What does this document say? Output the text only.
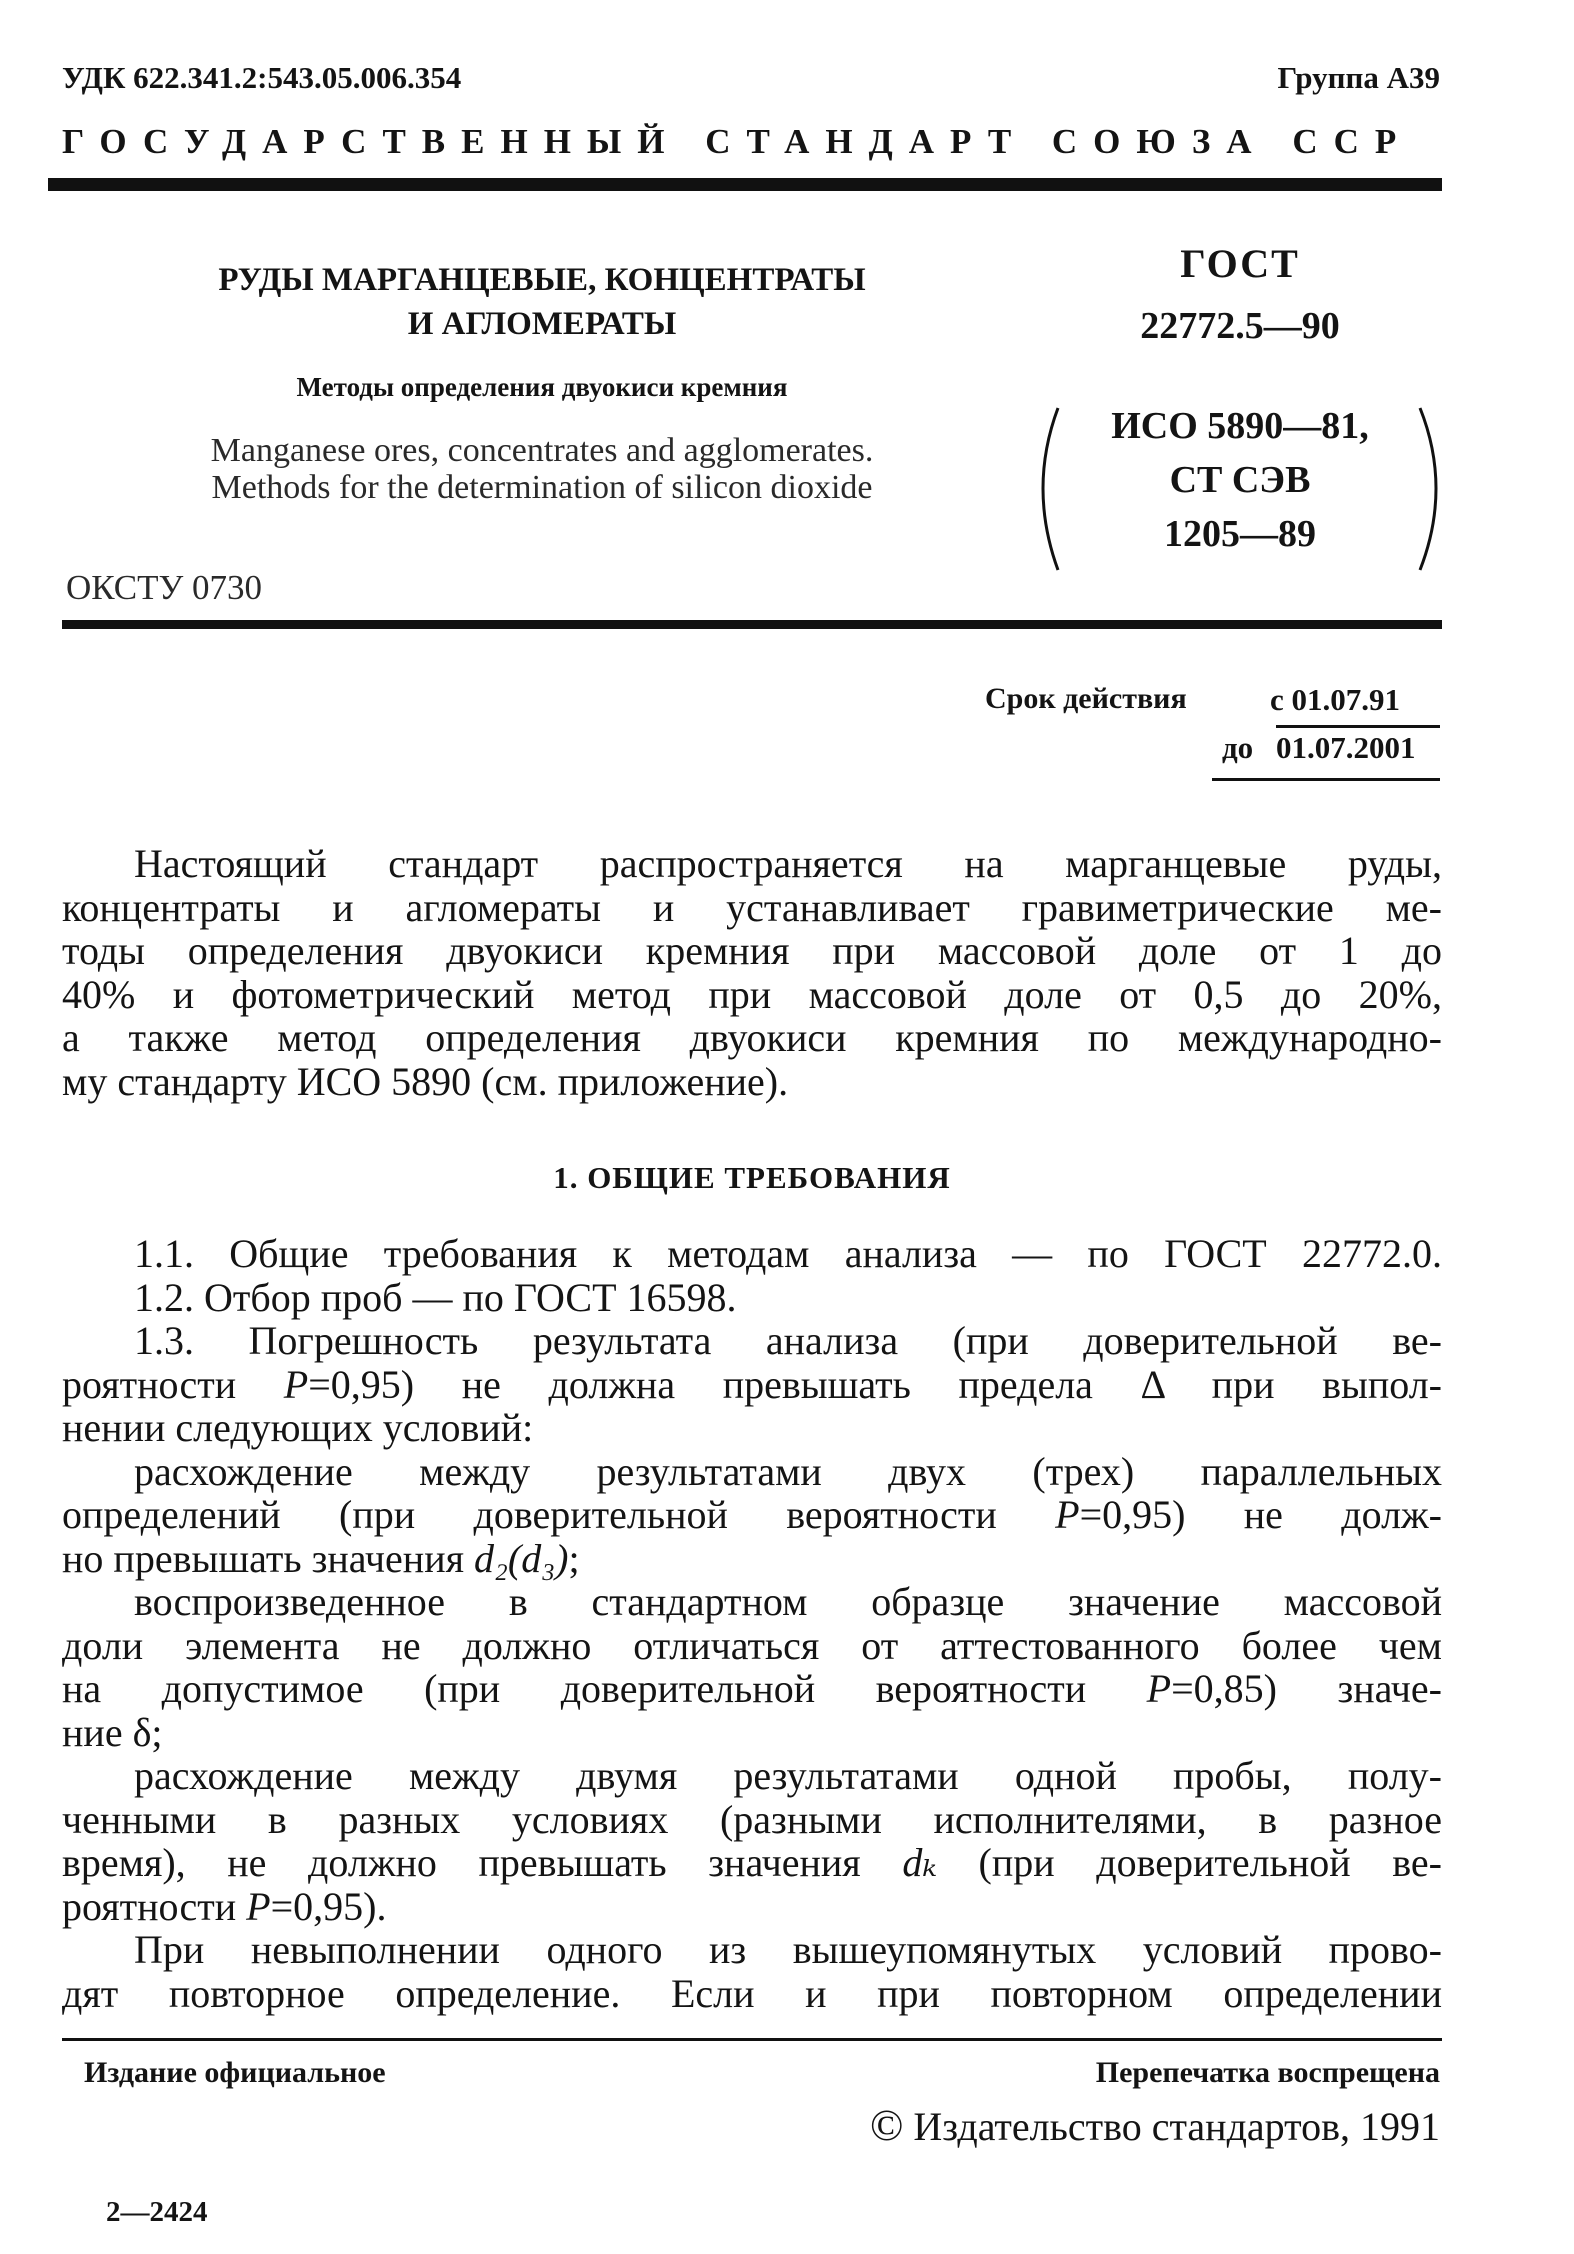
УДК 622.341.2:543.05.006.354	Группа А39
ГОСУДАРСТВЕННЫЙ СТАНДАРТ СОЮЗА ССР
РУДЫ МАРГАНЦЕВЫЕ, КОНЦЕНТРАТЫ
И АГЛОМЕРАТЫ
Методы определения двуокиси кремния
Manganese ores, concentrates and agglomerates.
Methods for the determination of silicon dioxide
ОКСТУ 0730
ГОСТ
22772.5—90
ИСО 5890—81,
СТ СЭВ
1205—89
Срок действия	с 01.07.91
до 01.07.2001

Настоящий стандарт распространяется на марганцевые руды,

концентраты и агломераты и устанавливает гравиметрические ме-

тоды определения двуокиси кремния при массовой доле от 1 до

40% и фотометрический метод при массовой доле от 0,5 до 20%,

а также метод определения двуокиси кремния по международно-

му стандарту ИСО 5890 (см. приложение).

1. ОБЩИЕ ТРЕБОВАНИЯ

1.1. Общие требования к методам анализа — по ГОСТ 22772.0.

1.2. Отбор проб — по ГОСТ 16598.

1.3. Погрешность результата анализа (при доверительной ве-

роятности P=0,95) не должна превышать предела Δ при выпол-

нении следующих условий:

расхождение между результатами двух (трех) параллельных

определений (при доверительной вероятности P=0,95) не долж-

но превышать значения d₂(d₃);

воспроизведенное в стандартном образце значение массовой

доли элемента не должно отличаться от аттестованного более чем

на допустимое (при доверительной вероятности P=0,85) значе-

ние δ;

расхождение между двумя результатами одной пробы, полу-

ченными в разных условиях (разными исполнителями, в разное

время), не должно превышать значения dₖ (при доверительной ве-

роятности P=0,95).

При невыполнении одного из вышеупомянутых условий прово-

дят повторное определение. Если и при повторном определении

Издание официальное	Перепечатка воспрещена
© Издательство стандартов, 1991
2—2424
